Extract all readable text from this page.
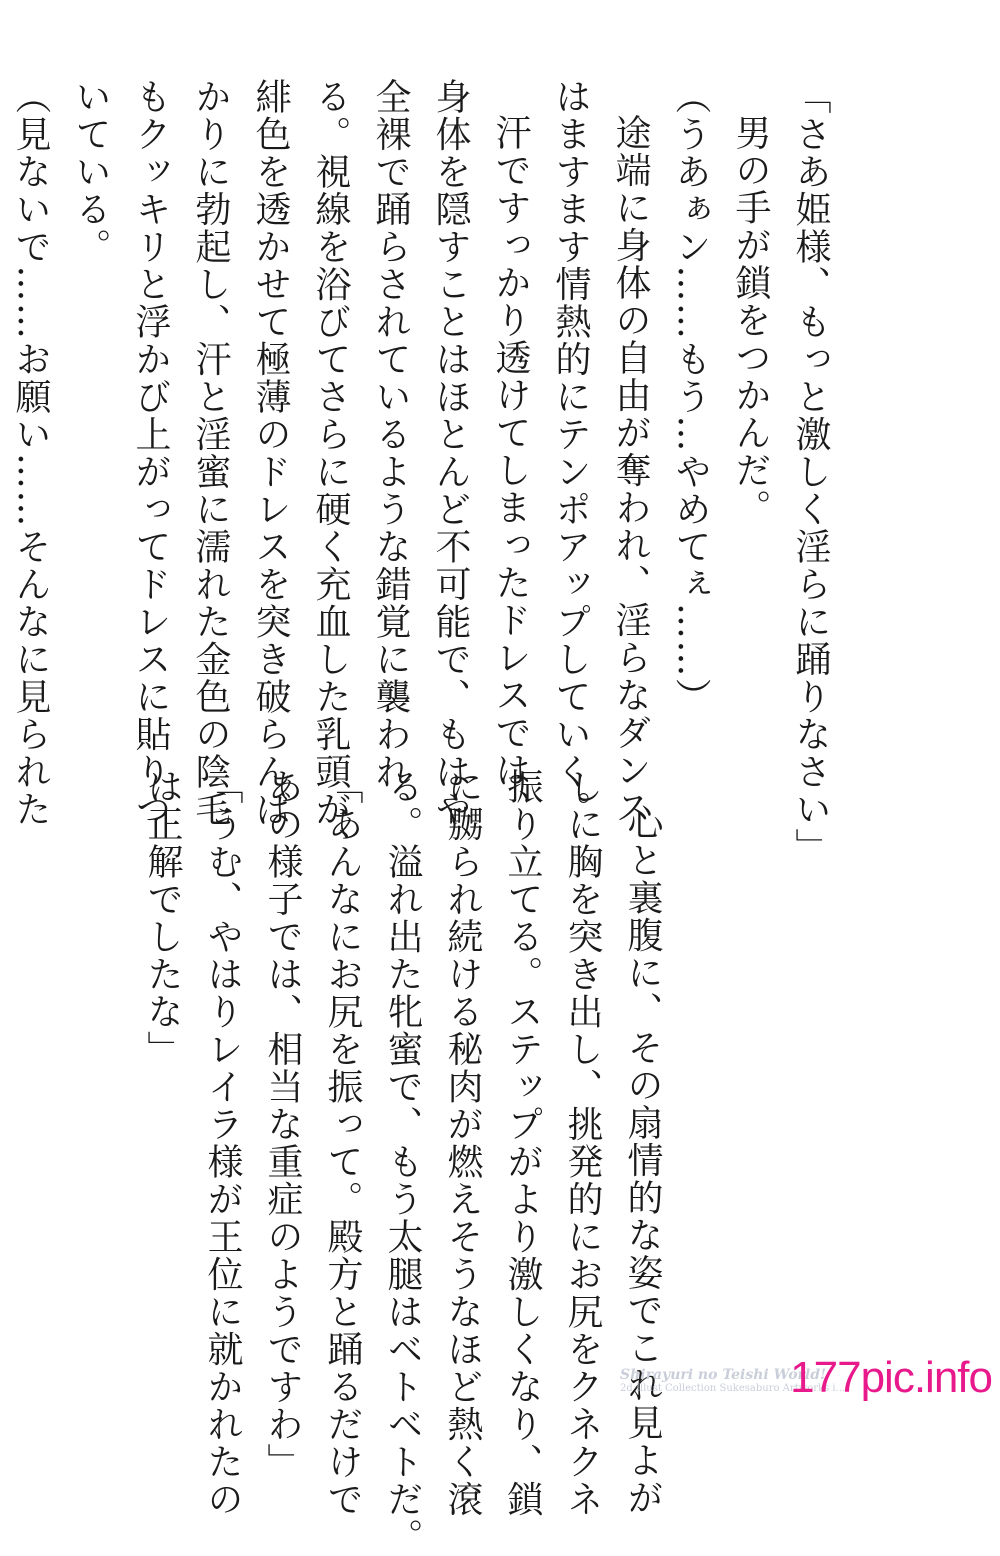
「さあ姫様、もっと激しく淫らに踊りなさい」
男の手が鎖をつかんだ。
（うあぁン……もう…やめてぇ……）
途端に身体の自由が奪われ、淫らなダンス
はますます情熱的にテンポアップしていく。
汗ですっかり透けてしまったドレスでは、
身体を隠すことはほとんど不可能で、もはや
全裸で踊らされているような錯覚に襲われ
る。視線を浴びてさらに硬く充血した乳頭が、
緋色を透かせて極薄のドレスを突き破らんば
かりに勃起し、汗と淫蜜に濡れた金色の陰毛
もクッキリと浮かび上がってドレスに貼りつ
いている。
（見ないで……お願い……そんなに見られた
心と裏腹に、その扇情的な姿でこれ見よが
しに胸を突き出し、挑発的にお尻をクネクネ
振り立てる。ステップがより激しくなり、鎖
に嬲られ続ける秘肉が燃えそうなほど熱く滾
る。溢れ出た牝蜜で、もう太腿はベトベトだ。
「あんなにお尻を振って。殿方と踊るだけで
あの様子では、相当な重症のようですわ」
「うむ、やはりレイラ様が王位に就かれたの
は正解でしたな」
Shirayuri no Teishi World!
2d Illust Collection Sukesaburo Artworks i...
177pic.info
